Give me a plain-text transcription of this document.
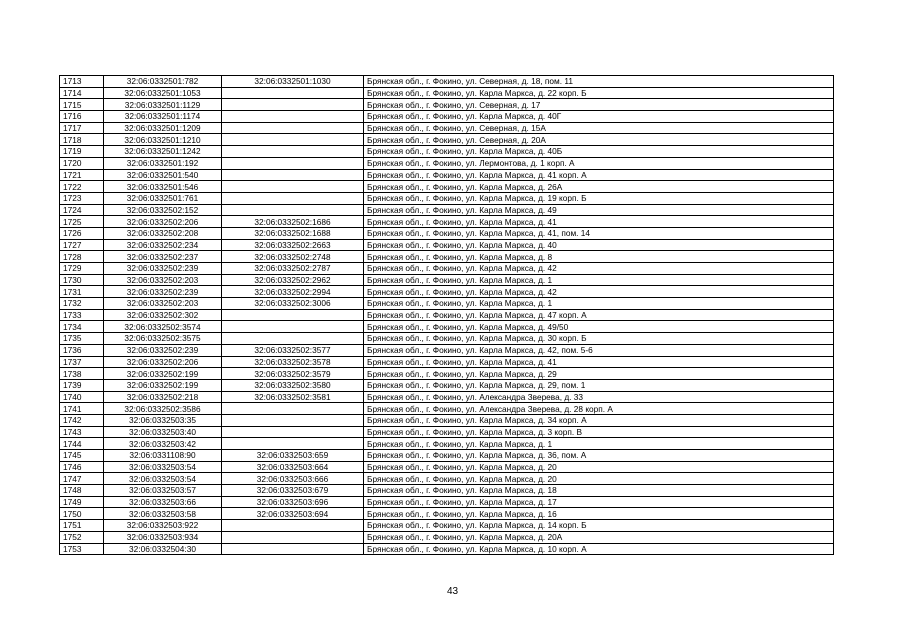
1713	32:06:0332501:782	32:06:0332501:1030	Брянская обл., г. Фокино, ул. Северная, д. 18, пом. 11
1714	32:06:0332501:1053		Брянская обл., г. Фокино, ул. Карла Маркса, д. 22 корп. Б
1715	32:06:0332501:1129		Брянская обл., г. Фокино, ул. Северная, д. 17
1716	32:06:0332501:1174		Брянская обл., г. Фокино, ул. Карла Маркса, д. 40Г
1717	32:06:0332501:1209		Брянская обл., г. Фокино, ул. Северная, д. 15А
1718	32:06:0332501:1210		Брянская обл., г. Фокино, ул. Северная, д. 20А
1719	32:06:0332501:1242		Брянская обл., г. Фокино, ул. Карла Маркса, д. 40Б
1720	32:06:0332501:192		Брянская обл., г. Фокино, ул. Лермонтова, д. 1 корп. А
1721	32:06:0332501:540		Брянская обл., г. Фокино, ул. Карла Маркса, д. 41 корп. А
1722	32:06:0332501:546		Брянская обл., г. Фокино, ул. Карла Маркса, д. 26А
1723	32:06:0332501:761		Брянская обл., г. Фокино, ул. Карла Маркса, д. 19 корп. Б
1724	32:06:0332502:152		Брянская обл., г. Фокино, ул. Карла Маркса, д. 49
1725	32:06:0332502:206	32:06:0332502:1686	Брянская обл., г. Фокино, ул. Карла Маркса, д. 41
1726	32:06:0332502:208	32:06:0332502:1688	Брянская обл., г. Фокино, ул. Карла Маркса, д. 41, пом. 14
1727	32:06:0332502:234	32:06:0332502:2663	Брянская обл., г. Фокино, ул. Карла Маркса, д. 40
1728	32:06:0332502:237	32:06:0332502:2748	Брянская обл., г. Фокино, ул. Карла Маркса, д. 8
1729	32:06:0332502:239	32:06:0332502:2787	Брянская обл., г. Фокино, ул. Карла Маркса, д. 42
1730	32:06:0332502:203	32:06:0332502:2962	Брянская обл., г. Фокино, ул. Карла Маркса, д. 1
1731	32:06:0332502:239	32:06:0332502:2994	Брянская обл., г. Фокино, ул. Карла Маркса, д. 42
1732	32:06:0332502:203	32:06:0332502:3006	Брянская обл., г. Фокино, ул. Карла Маркса, д. 1
1733	32:06:0332502:302		Брянская обл., г. Фокино, ул. Карла Маркса, д. 47 корп. А
1734	32:06:0332502:3574		Брянская обл., г. Фокино, ул. Карла Маркса, д. 49/50
1735	32:06:0332502:3575		Брянская обл., г. Фокино, ул. Карла Маркса, д. 30 корп. Б
1736	32:06:0332502:239	32:06:0332502:3577	Брянская обл., г. Фокино, ул. Карла Маркса, д. 42, пом. 5-6
1737	32:06:0332502:206	32:06:0332502:3578	Брянская обл., г. Фокино, ул. Карла Маркса, д. 41
1738	32:06:0332502:199	32:06:0332502:3579	Брянская обл., г. Фокино, ул. Карла Маркса, д. 29
1739	32:06:0332502:199	32:06:0332502:3580	Брянская обл., г. Фокино, ул. Карла Маркса, д. 29, пом. 1
1740	32:06:0332502:218	32:06:0332502:3581	Брянская обл., г. Фокино, ул. Александра Зверева, д. 33
1741	32:06:0332502:3586		Брянская обл., г. Фокино, ул. Александра Зверева, д. 28 корп. А
1742	32:06:0332503:35		Брянская обл., г. Фокино, ул. Карла Маркса, д. 34 корп. А
1743	32:06:0332503:40		Брянская обл., г. Фокино, ул. Карла Маркса, д. 3 корп. В
1744	32:06:0332503:42		Брянская обл., г. Фокино, ул. Карла Маркса, д. 1
1745	32:06:0331108:90	32:06:0332503:659	Брянская обл., г. Фокино, ул. Карла Маркса, д. 36, пом. А
1746	32:06:0332503:54	32:06:0332503:664	Брянская обл., г. Фокино, ул. Карла Маркса, д. 20
1747	32:06:0332503:54	32:06:0332503:666	Брянская обл., г. Фокино, ул. Карла Маркса, д. 20
1748	32:06:0332503:57	32:06:0332503:679	Брянская обл., г. Фокино, ул. Карла Маркса, д. 18
1749	32:06:0332503:66	32:06:0332503:696	Брянская обл., г. Фокино, ул. Карла Маркса, д. 17
1750	32:06:0332503:58	32:06:0332503:694	Брянская обл., г. Фокино, ул. Карла Маркса, д. 16
1751	32:06:0332503:922		Брянская обл., г. Фокино, ул. Карла Маркса, д. 14 корп. Б
1752	32:06:0332503:934		Брянская обл., г. Фокино, ул. Карла Маркса, д. 20А
1753	32:06:0332504:30		Брянская обл., г. Фокино, ул. Карла Маркса, д. 10 корп. А
43
